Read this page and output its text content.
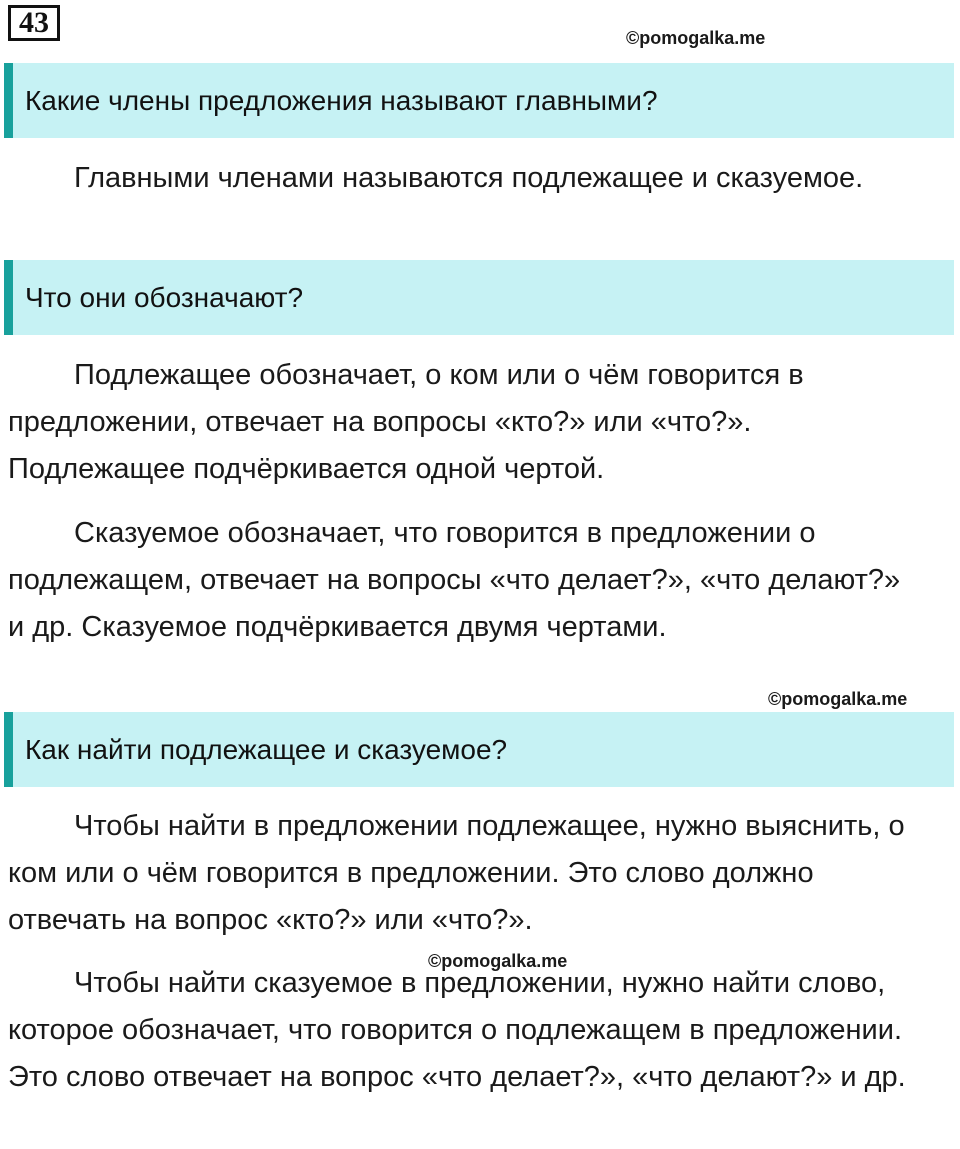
43	©pomogalka.me
Какие члены предложения называют главными?

Главными членами называются подлежащее и сказуемое.

Что они обозначают?

Подлежащее обозначает, о ком или о чём говорится в предложении, отвечает на вопросы «кто?» или «что?». Подлежащее подчёркивается одной чертой.

Сказуемое обозначает, что говорится в предложении о подлежащем, отвечает на вопросы «что делает?», «что делают?» и др. Сказуемое подчёркивается двумя чертами.

©pomogalka.me
Как найти подлежащее и сказуемое?

Чтобы найти в предложении подлежащее, нужно выяснить, о ком или о чём говорится в предложении. Это слово должно отвечать на вопрос «кто?» или «что?».

©pomogalka.me

Чтобы найти сказуемое в предложении, нужно найти слово, которое обозначает, что говорится о подлежащем в предложении. Это слово отвечает на вопрос «что делает?», «что делают?» и др.
